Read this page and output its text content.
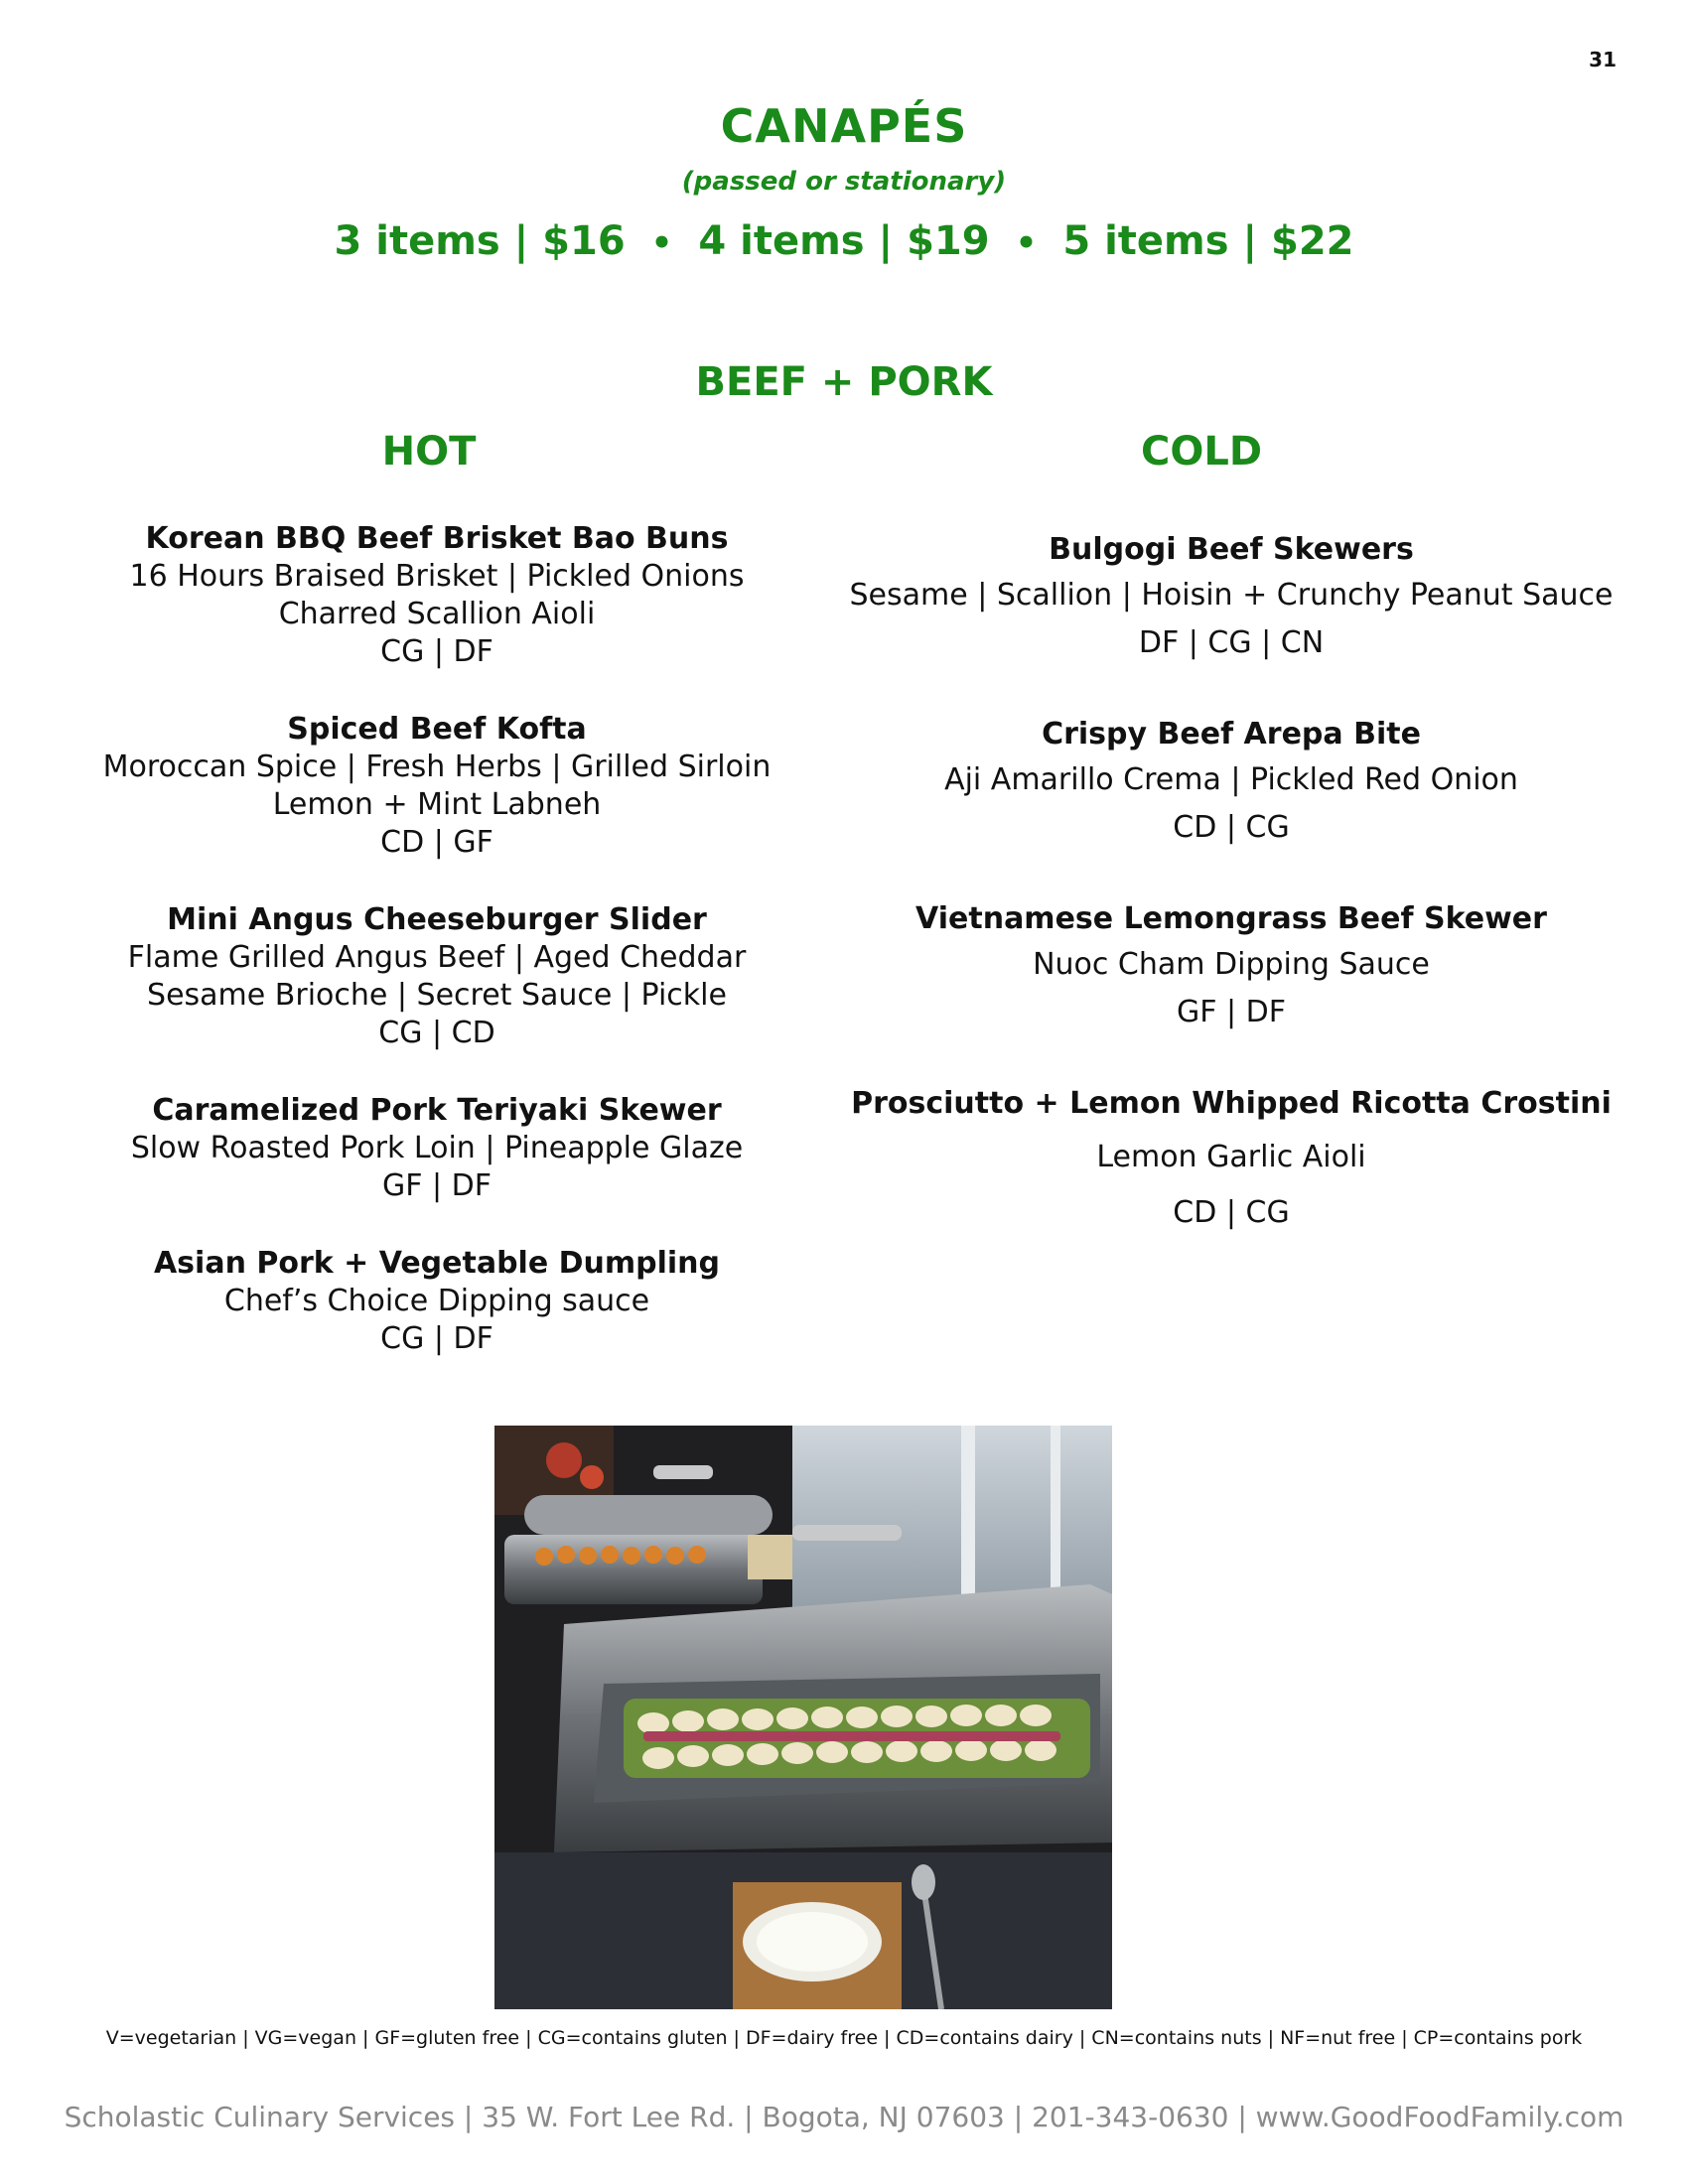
31
CANAPÉS
(passed or stationary)
3 items | $16 • 4 items | $19 • 5 items | $22
BEEF + PORK
HOT	COLD
Korean BBQ Beef Brisket Bao Buns
16 Hours Braised Brisket | Pickled Onions
Charred Scallion Aioli
CG | DF
Spiced Beef Kofta
Moroccan Spice | Fresh Herbs | Grilled Sirloin
Lemon + Mint Labneh
CD | GF
Mini Angus Cheeseburger Slider
Flame Grilled Angus Beef | Aged Cheddar
Sesame Brioche | Secret Sauce | Pickle
CG | CD
Caramelized Pork Teriyaki Skewer
Slow Roasted Pork Loin | Pineapple Glaze
GF | DF
Asian Pork + Vegetable Dumpling
Chef’s Choice Dipping sauce
CG | DF
Bulgogi Beef Skewers
Sesame | Scallion | Hoisin + Crunchy Peanut Sauce
DF | CG | CN
Crispy Beef Arepa Bite
Aji Amarillo Crema | Pickled Red Onion
CD | CG
Vietnamese Lemongrass Beef Skewer
Nuoc Cham Dipping Sauce
GF | DF
Prosciutto + Lemon Whipped Ricotta Crostini
Lemon Garlic Aioli
CD | CG
V=vegetarian | VG=vegan | GF=gluten free | CG=contains gluten | DF=dairy free | CD=contains dairy | CN=contains nuts | NF=nut free | CP=contains pork
Scholastic Culinary Services | 35 W. Fort Lee Rd. | Bogota, NJ 07603 | 201-343-0630 | www.GoodFoodFamily.com
